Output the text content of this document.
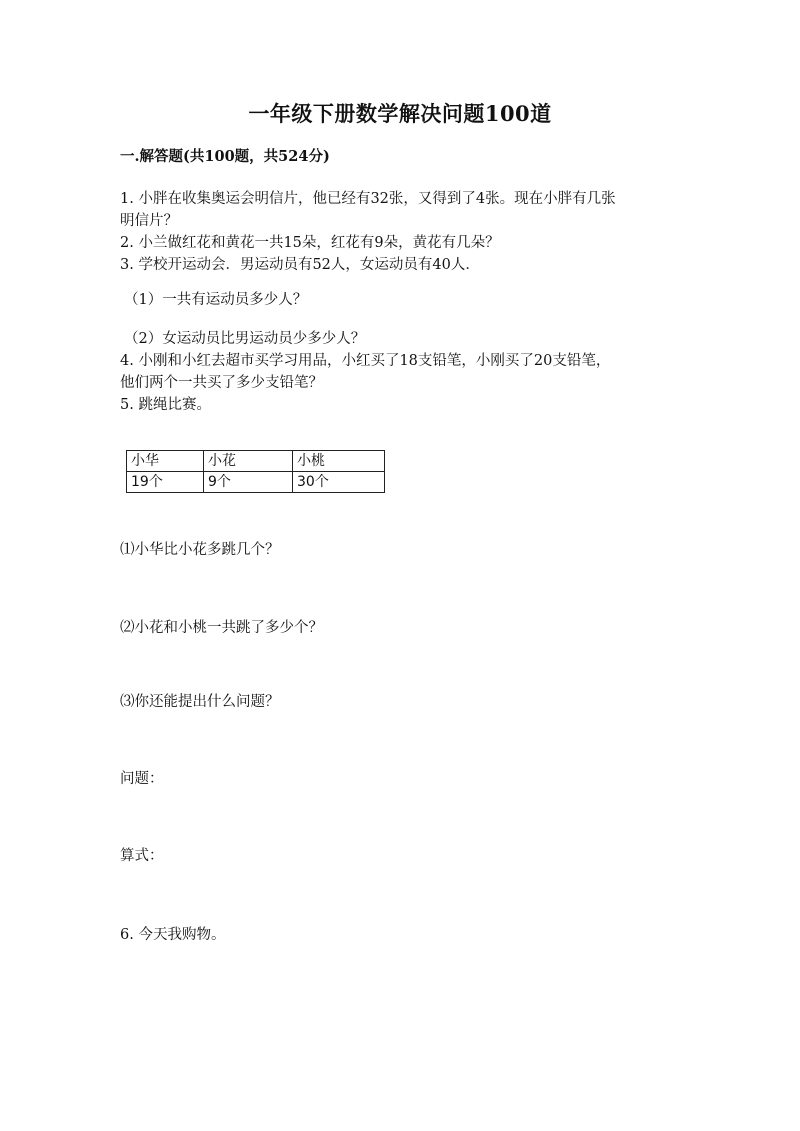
一年级下册数学解决问题100道
一.解答题(共100题，共524分)
1. 小胖在收集奥运会明信片，他已经有32张，又得到了4张。现在小胖有几张
明信片？
2. 小兰做红花和黄花一共15朵，红花有9朵，黄花有几朵？
3. 学校开运动会．男运动员有52人，女运动员有40人．
（1）一共有运动员多少人？
（2）女运动员比男运动员少多少人？
4. 小刚和小红去超市买学习用品，小红买了18支铅笔，小刚买了20支铅笔，
他们两个一共买了多少支铅笔？
5. 跳绳比赛。
小华	小花	小桃
19个	9个	30个
⑴小华比小花多跳几个？
⑵小花和小桃一共跳了多少个？
⑶你还能提出什么问题？
问题：
算式：
6. 今天我购物。
